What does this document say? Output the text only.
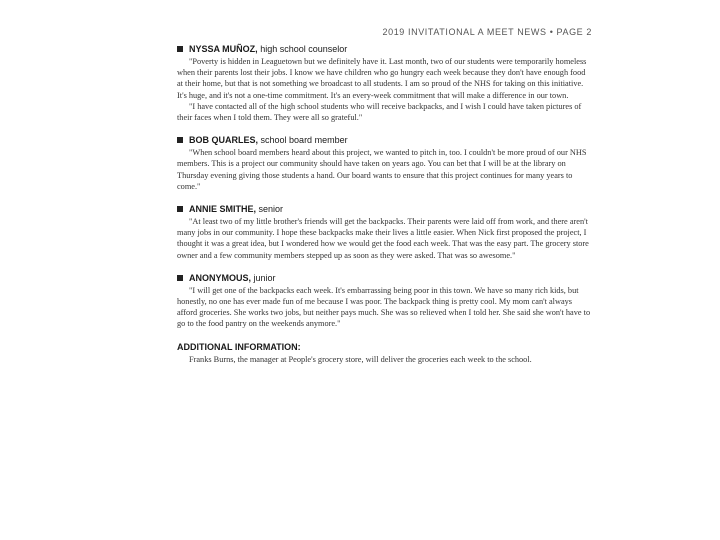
2019 INVITATIONAL A MEET NEWS • PAGE 2
NYSSA MUÑOZ, high school counselor

"Poverty is hidden in Leaguetown but we definitely have it. Last month, two of our students were temporarily homeless when their parents lost their jobs. I know we have children who go hungry each week because they don't have enough food at their home, but that is not something we broadcast to all students. I am so proud of the NHS for taking on this initiative. It's huge, and it's not a one-time commitment. It's an every-week commitment that will make a difference in our town.

"I have contacted all of the high school students who will receive backpacks, and I wish I could have taken pictures of their faces when I told them. They were all so grateful."

BOB QUARLES, school board member

"When school board members heard about this project, we wanted to pitch in, too. I couldn't be more proud of our NHS members. This is a project our community should have taken on years ago. You can bet that I will be at the library on Thursday evening giving those students a hand. Our board wants to ensure that this project continues for many years to come."

ANNIE SMITHE, senior

"At least two of my little brother's friends will get the backpacks. Their parents were laid off from work, and there aren't many jobs in our community. I hope these backpacks make their lives a little easier. When Nick first proposed the project, I thought it was a great idea, but I wondered how we would get the food each week. That was the easy part. The grocery store owner and a few community members stepped up as soon as they were asked. That was so awesome."

ANONYMOUS, junior

"I will get one of the backpacks each week. It's embarrassing being poor in this town. We have so many rich kids, but honestly, no one has ever made fun of me because I was poor. The backpack thing is pretty cool. My mom can't always afford groceries. She works two jobs, but neither pays much. She was so relieved when I told her. She said she won't have to go to the food pantry on the weekends anymore."

ADDITIONAL INFORMATION:

Franks Burns, the manager at People's grocery store, will deliver the groceries each week to the school.
